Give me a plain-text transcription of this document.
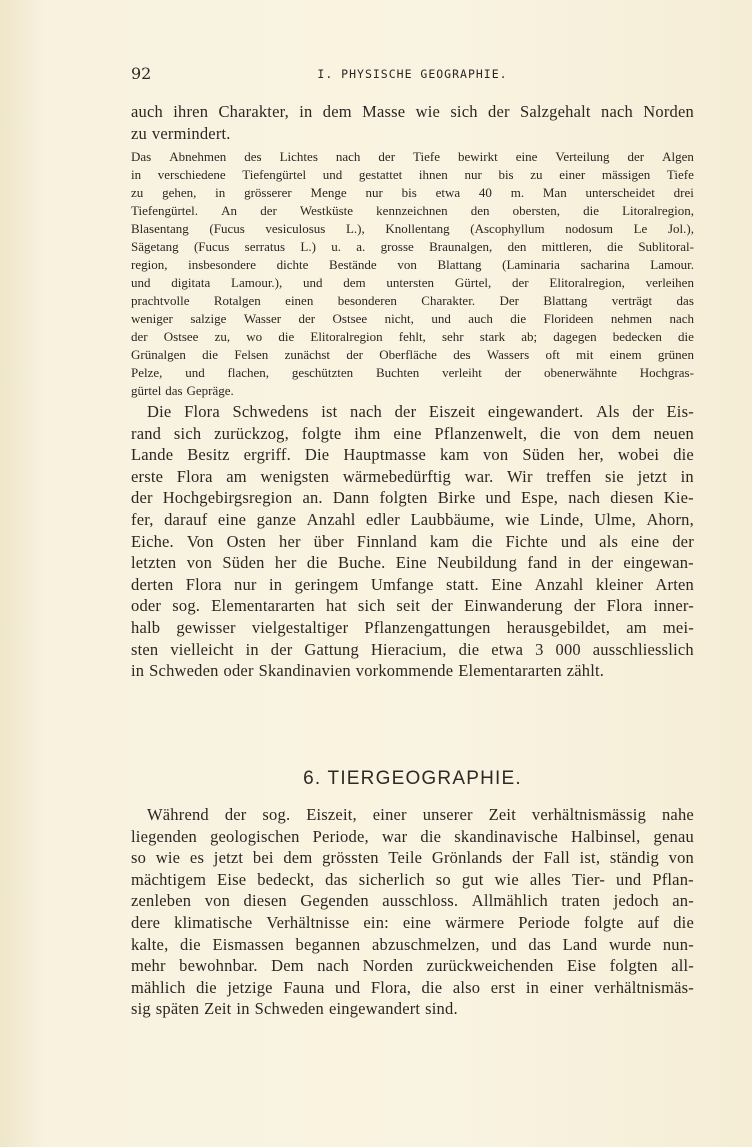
92	I. PHYSISCHE GEOGRAPHIE.
auch ihren Charakter, in dem Masse wie sich der Salzgehalt nach Norden
zu vermindert.
Das Abnehmen des Lichtes nach der Tiefe bewirkt eine Verteilung der Algen
in verschiedene Tiefengürtel und gestattet ihnen nur bis zu einer mässigen Tiefe
zu gehen, in grösserer Menge nur bis etwa 40 m. Man unterscheidet drei
Tiefengürtel. An der Westküste kennzeichnen den obersten, die Litoralregion,
Blasentang (Fucus vesiculosus L.), Knollentang (Ascophyllum nodosum Le Jol.),
Sägetang (Fucus serratus L.) u. a. grosse Braunalgen, den mittleren, die Sublitoral-
region, insbesondere dichte Bestände von Blattang (Laminaria sacharina Lamour.
und digitata Lamour.), und dem untersten Gürtel, der Elitoralregion, verleihen
prachtvolle Rotalgen einen besonderen Charakter. Der Blattang verträgt das
weniger salzige Wasser der Ostsee nicht, und auch die Florideen nehmen nach
der Ostsee zu, wo die Elitoralregion fehlt, sehr stark ab; dagegen bedecken die
Grünalgen die Felsen zunächst der Oberfläche des Wassers oft mit einem grünen
Pelze, und flachen, geschützten Buchten verleiht der obenerwähnte Hochgras-
gürtel das Gepräge.
Die Flora Schwedens ist nach der Eiszeit eingewandert. Als der Eis-
rand sich zurückzog, folgte ihm eine Pflanzenwelt, die von dem neuen
Lande Besitz ergriff. Die Hauptmasse kam von Süden her, wobei die
erste Flora am wenigsten wärmebedürftig war. Wir treffen sie jetzt in
der Hochgebirgsregion an. Dann folgten Birke und Espe, nach diesen Kie-
fer, darauf eine ganze Anzahl edler Laubbäume, wie Linde, Ulme, Ahorn,
Eiche. Von Osten her über Finnland kam die Fichte und als eine der
letzten von Süden her die Buche. Eine Neubildung fand in der eingewan-
derten Flora nur in geringem Umfange statt. Eine Anzahl kleiner Arten
oder sog. Elementararten hat sich seit der Einwanderung der Flora inner-
halb gewisser vielgestaltiger Pflanzengattungen herausgebildet, am mei-
sten vielleicht in der Gattung Hieracium, die etwa 3 000 ausschliesslich
in Schweden oder Skandinavien vorkommende Elementararten zählt.
6. TIERGEOGRAPHIE.
Während der sog. Eiszeit, einer unserer Zeit verhältnismässig nahe
liegenden geologischen Periode, war die skandinavische Halbinsel, genau
so wie es jetzt bei dem grössten Teile Grönlands der Fall ist, ständig von
mächtigem Eise bedeckt, das sicherlich so gut wie alles Tier- und Pflan-
zenleben von diesen Gegenden ausschloss. Allmählich traten jedoch an-
dere klimatische Verhältnisse ein: eine wärmere Periode folgte auf die
kalte, die Eismassen begannen abzuschmelzen, und das Land wurde nun-
mehr bewohnbar. Dem nach Norden zurückweichenden Eise folgten all-
mählich die jetzige Fauna und Flora, die also erst in einer verhältnismäs-
sig späten Zeit in Schweden eingewandert sind.
